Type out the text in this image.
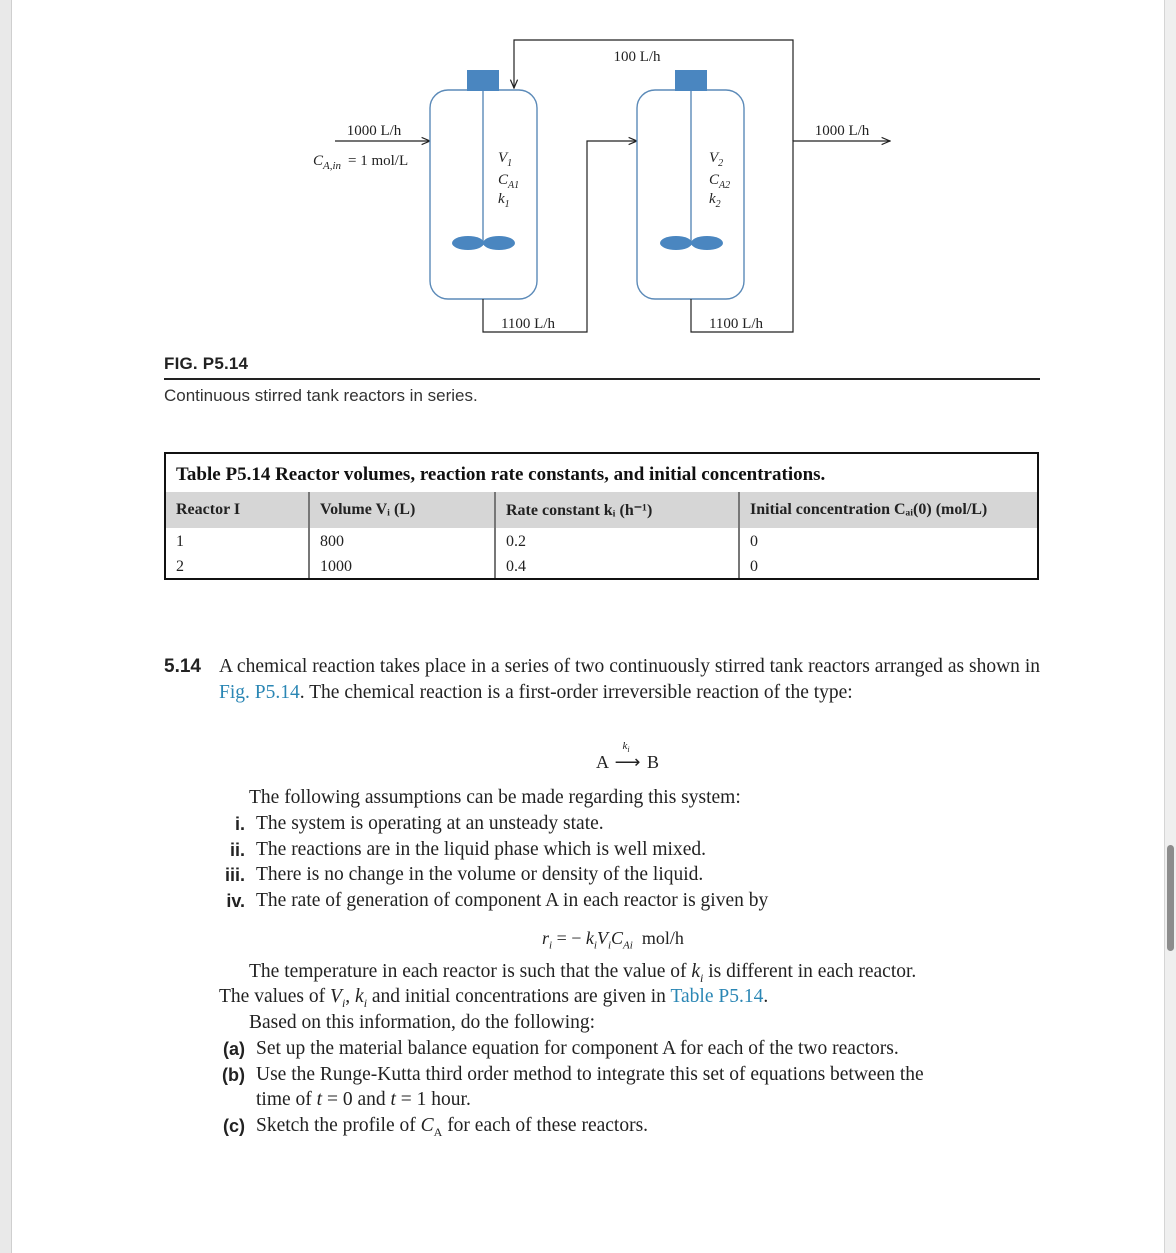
100 L/h
1000 L/h
$C_{A,in} = 1$ mol/L	$V_1$
$C_{A1}$
$k_1$
1100 L/h
$V_2$
$C_{A2}$
$k_2$
1100 L/h
1000 L/h
FIG. P5.14
Continuous stirred tank reactors in series.
Table P5.14 Reactor volumes, reaction rate constants, and initial concentrations.
Reactor I	Volume Vᵢ (L)	Rate constant kᵢ (h⁻¹)	Initial concentration Cₐᵢ(0) (mol/L)
1	800	0.2	0
2	1000	0.4	0
5.14 A chemical reaction takes place in a series of two continuously stirred tank reactors arranged as shown in Fig. P5.14. The chemical reaction is a first-order irreversible reaction of the type:
A
$k_i$
⟶ B
The following assumptions can be made regarding this system:
i. The system is operating at an unsteady state.
ii. The reactions are in the liquid phase which is well mixed.
iii. There is no change in the volume or density of the liquid.
iv. The rate of generation of component A in each reactor is given by
$r_i$ = − $k_iV_iC_{Ai}$ mol/h
The temperature in each reactor is such that the value of $k_i$ is different in each reactor.
The values of $V_i$, $k_i$ and initial concentrations are given in Table P5.14.
Based on this information, do the following:
(a) Set up the material balance equation for component A for each of the two reactors.
(b) Use the Runge-Kutta third order method to integrate this set of equations between the
time of t = 0 and t = 1 hour.
(c) Sketch the profile of $C_A$ for each of these reactors.
